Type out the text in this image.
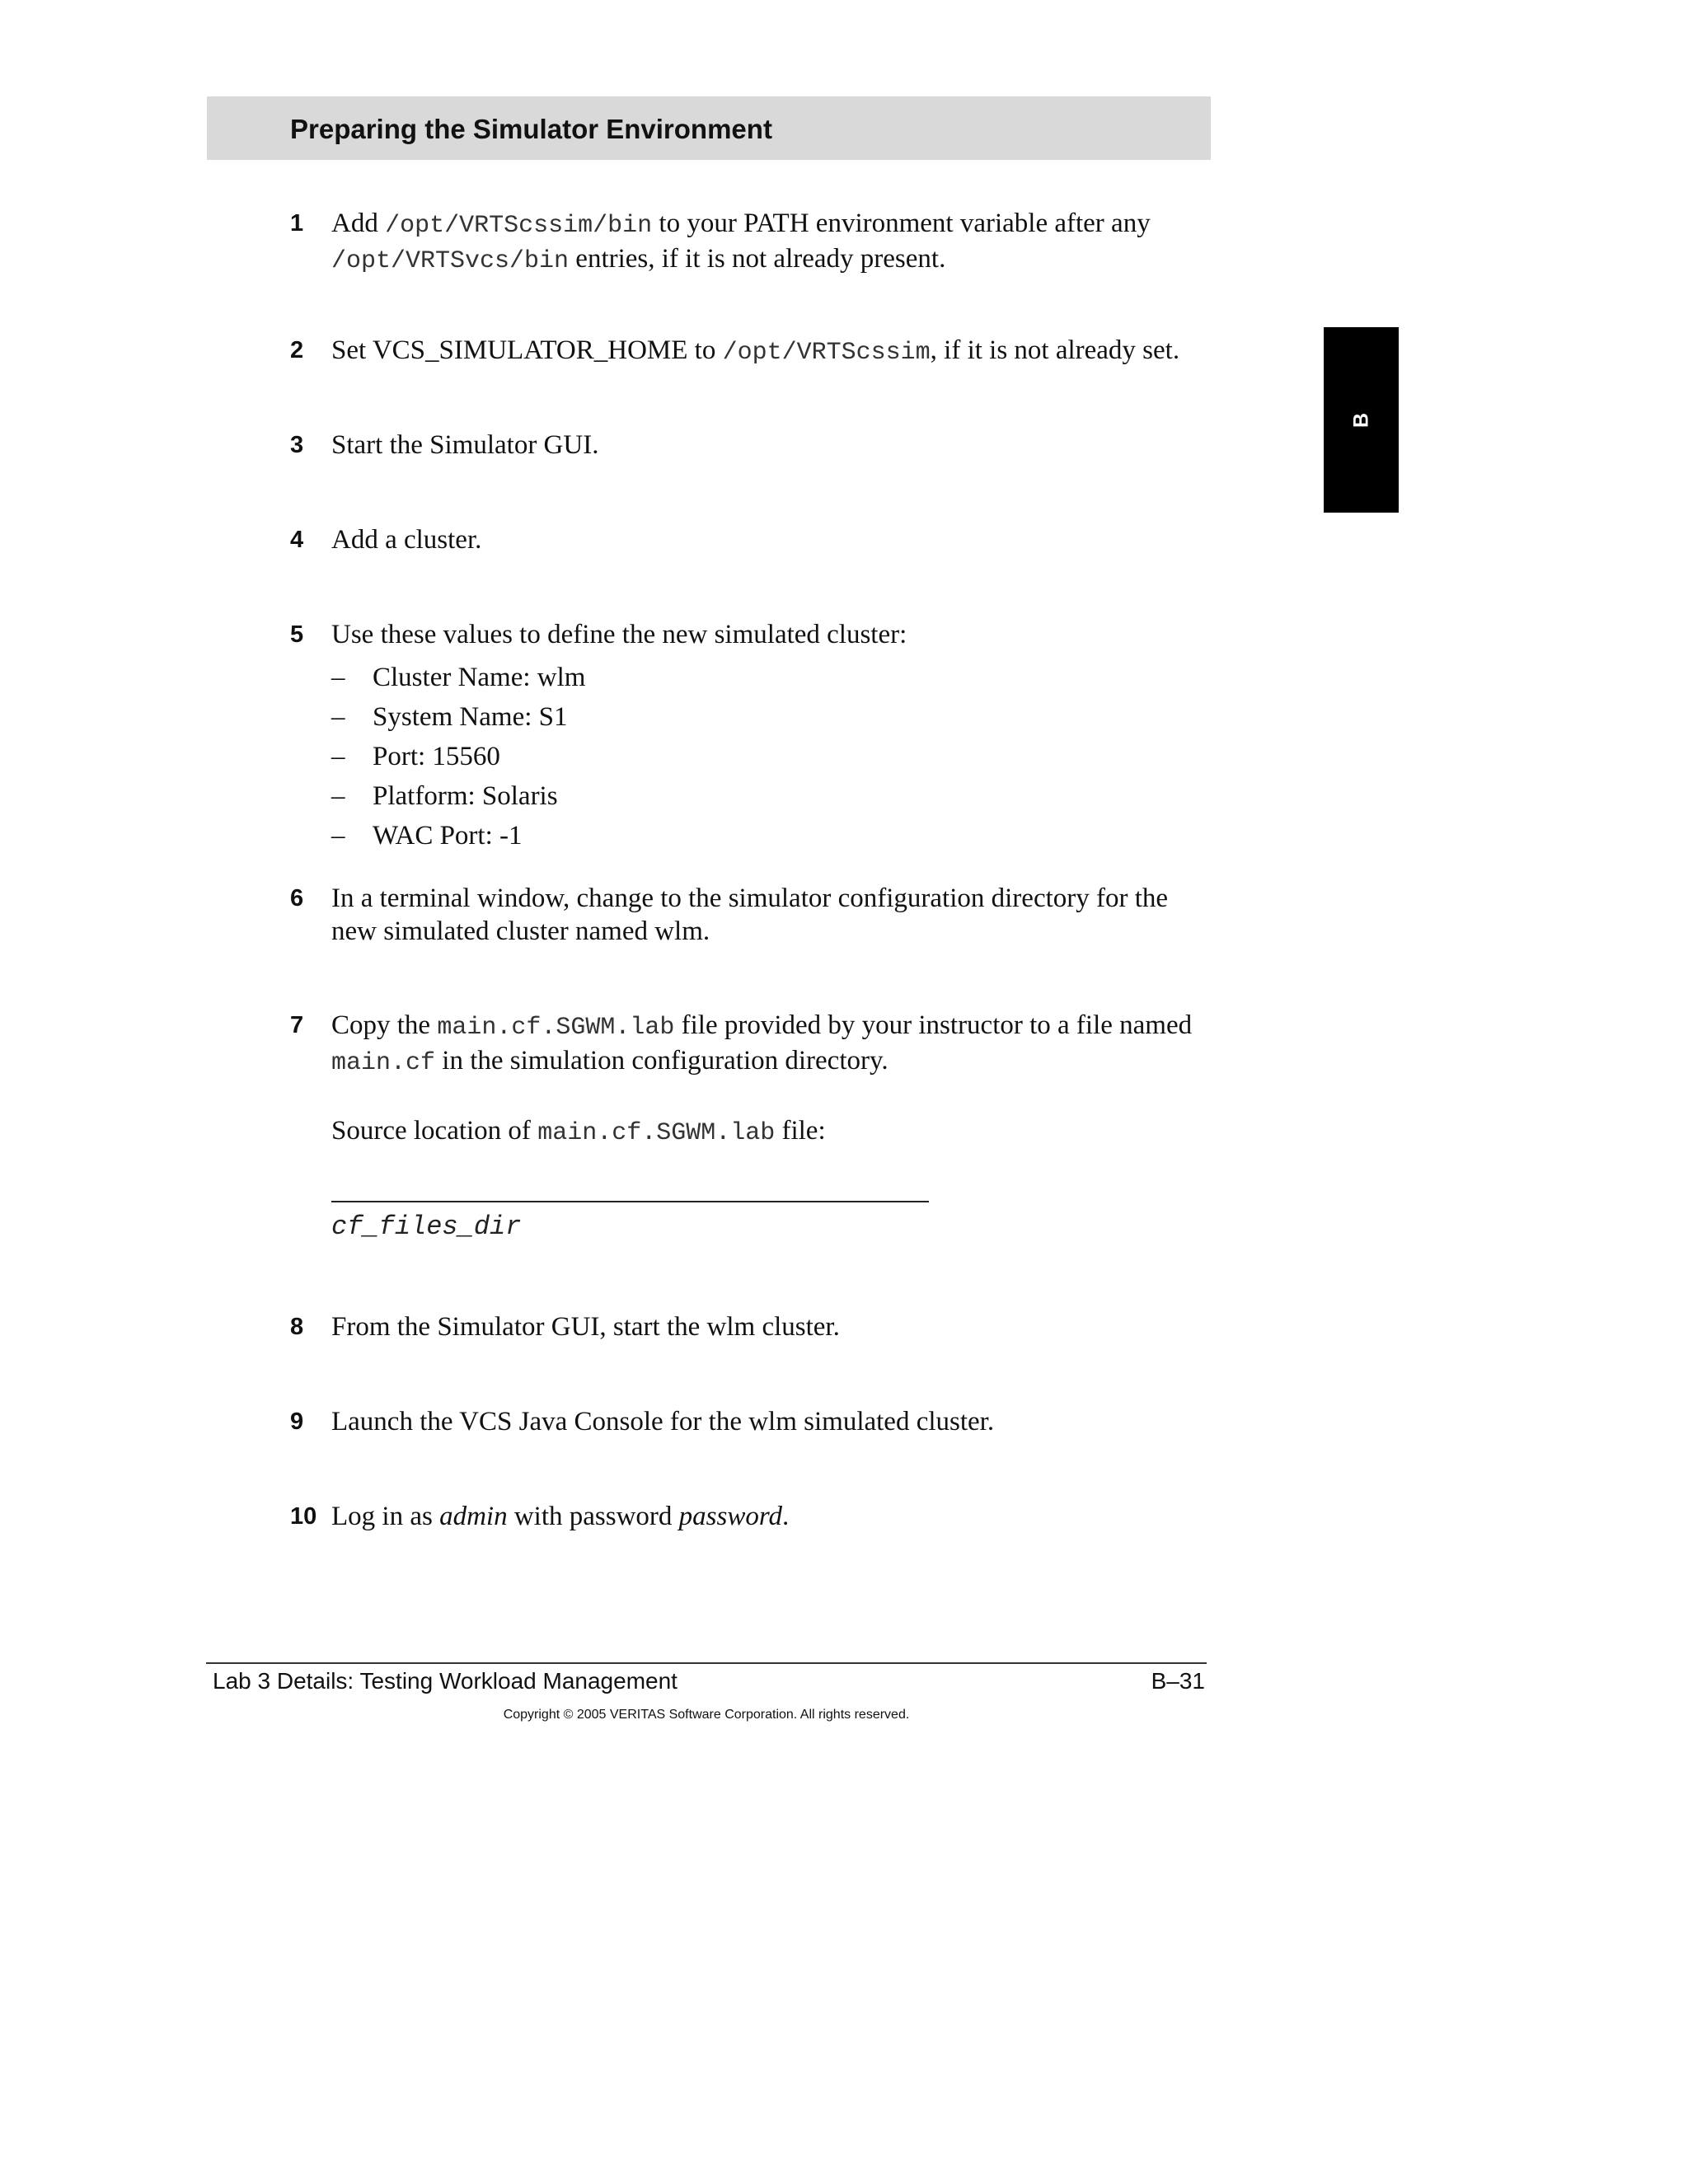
Preparing the Simulator Environment
B
1 Add /opt/VRTScssim/bin to your PATH environment variable after any /opt/VRTSvcs/bin entries, if it is not already present.
2 Set VCS_SIMULATOR_HOME to /opt/VRTScssim, if it is not already set.
3 Start the Simulator GUI.
4 Add a cluster.
5 Use these values to define the new simulated cluster:
– Cluster Name: wlm
– System Name: S1
– Port: 15560
– Platform: Solaris
– WAC Port: -1
6 In a terminal window, change to the simulator configuration directory for the new simulated cluster named wlm.
7 Copy the main.cf.SGWM.lab file provided by your instructor to a file named main.cf in the simulation configuration directory.
Source location of main.cf.SGWM.lab file:
cf_files_dir
8 From the Simulator GUI, start the wlm cluster.
9 Launch the VCS Java Console for the wlm simulated cluster.
10 Log in as admin with password password.
Lab 3 Details: Testing Workload Management	B–31
Copyright © 2005 VERITAS Software Corporation. All rights reserved.
